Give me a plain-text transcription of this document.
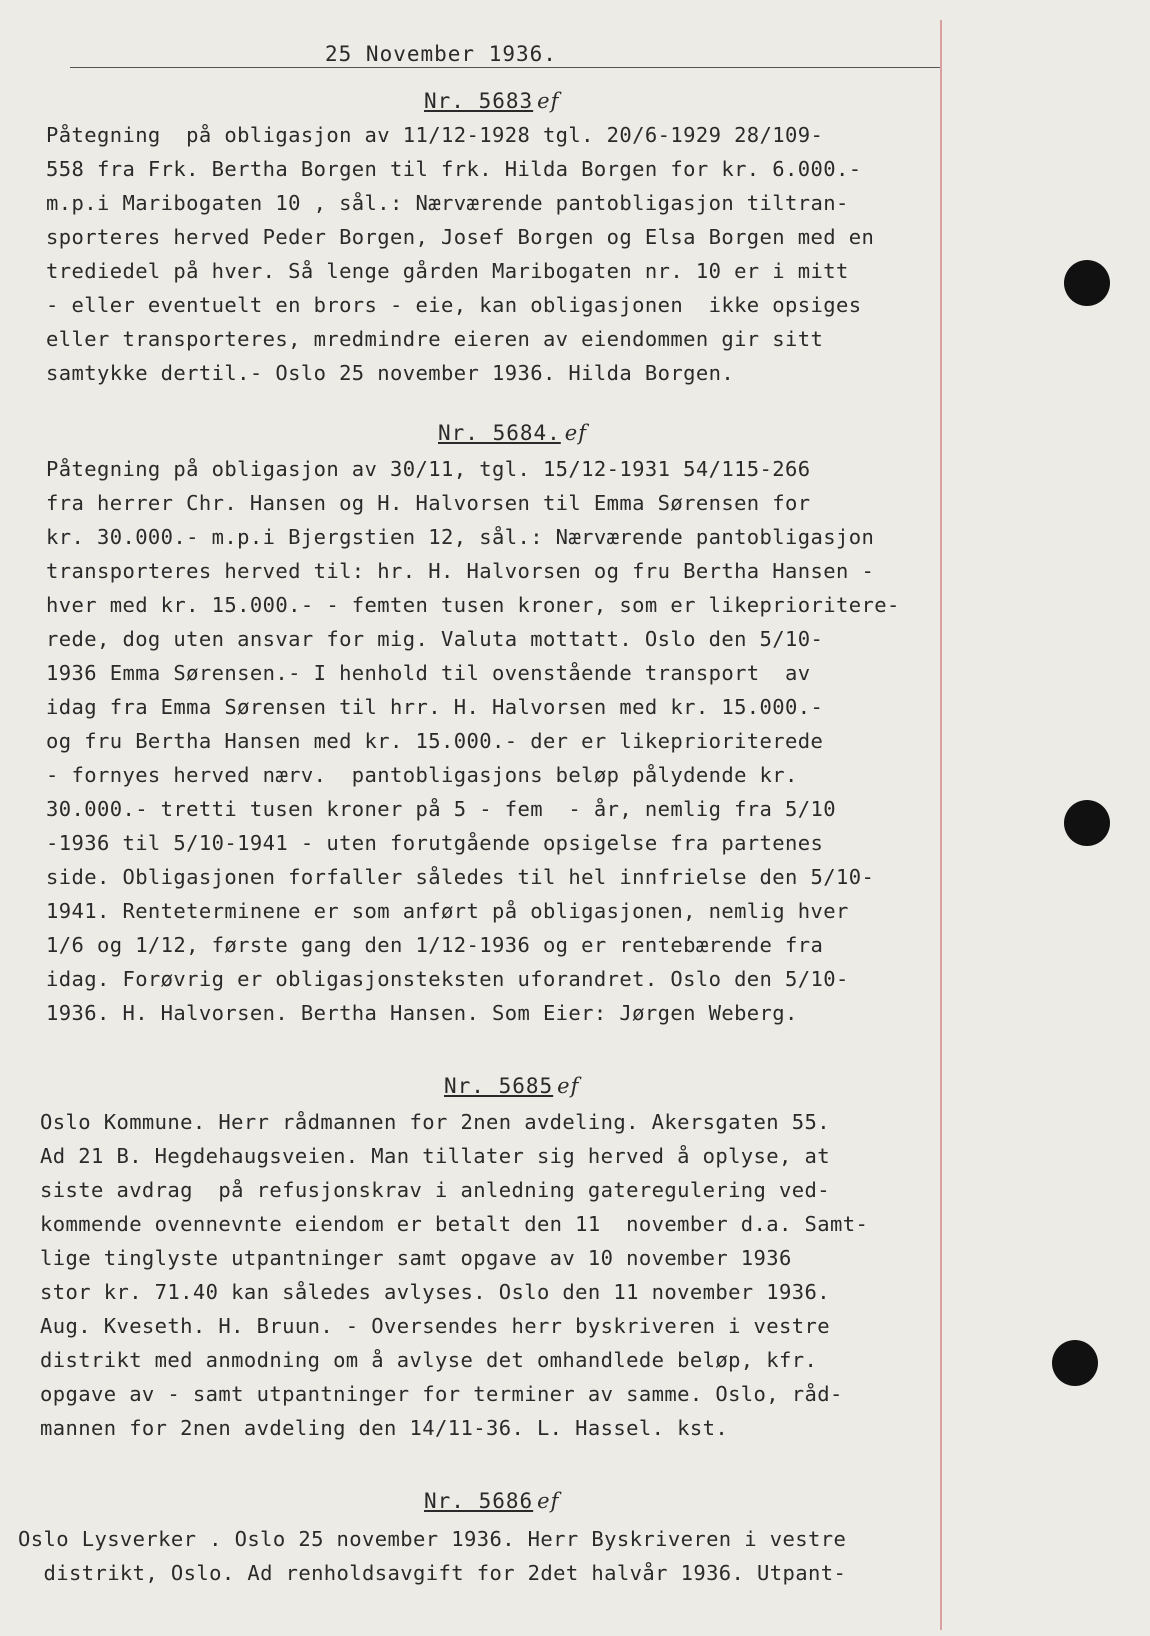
25 November 1936.
Nr. 5683 ef
Påtegning  på obligasjon av 11/12-1928 tgl. 20/6-1929 28/109-
558 fra Frk. Bertha Borgen til frk. Hilda Borgen for kr. 6.000.-
m.p.i Maribogaten 10 , sål.: Nærværende pantobligasjon tiltran-
sporteres herved Peder Borgen, Josef Borgen og Elsa Borgen med en
trediedel på hver. Så lenge gården Maribogaten nr. 10 er i mitt
- eller eventuelt en brors - eie, kan obligasjonen  ikke opsiges
eller transporteres, mredmindre eieren av eiendommen gir sitt
samtykke dertil.- Oslo 25 november 1936. Hilda Borgen.
Nr. 5684. ef
Påtegning på obligasjon av 30/11, tgl. 15/12-1931 54/115-266
fra herrer Chr. Hansen og H. Halvorsen til Emma Sørensen for
kr. 30.000.- m.p.i Bjergstien 12, sål.: Nærværende pantobligasjon
transporteres herved til: hr. H. Halvorsen og fru Bertha Hansen -
hver med kr. 15.000.- - femten tusen kroner, som er likeprioritere-
rede, dog uten ansvar for mig. Valuta mottatt. Oslo den 5/10-
1936 Emma Sørensen.- I henhold til ovenstående transport  av
idag fra Emma Sørensen til hrr. H. Halvorsen med kr. 15.000.-
og fru Bertha Hansen med kr. 15.000.- der er likeprioriterede
- fornyes herved nærv.  pantobligasjons beløp pålydende kr.
30.000.- tretti tusen kroner på 5 - fem  - år, nemlig fra 5/10
-1936 til 5/10-1941 - uten forutgående opsigelse fra partenes
side. Obligasjonen forfaller således til hel innfrielse den 5/10-
1941. Renteterminene er som anført på obligasjonen, nemlig hver
1/6 og 1/12, første gang den 1/12-1936 og er rentebærende fra
idag. Forøvrig er obligasjonsteksten uforandret. Oslo den 5/10-
1936. H. Halvorsen. Bertha Hansen. Som Eier: Jørgen Weberg.
Nr. 5685 ef
Oslo Kommune. Herr rådmannen for 2nen avdeling. Akersgaten 55.
Ad 21 B. Hegdehaugsveien. Man tillater sig herved å oplyse, at
siste avdrag  på refusjonskrav i anledning gateregulering ved-
kommende ovennevnte eiendom er betalt den 11  november d.a. Samt-
lige tinglyste utpantninger samt opgave av 10 november 1936
stor kr. 71.40 kan således avlyses. Oslo den 11 november 1936.
Aug. Kveseth. H. Bruun. - Oversendes herr byskriveren i vestre
distrikt med anmodning om å avlyse det omhandlede beløp, kfr.
opgave av - samt utpantninger for terminer av samme. Oslo, råd-
mannen for 2nen avdeling den 14/11-36. L. Hassel. kst.
Nr. 5686 ef
Oslo Lysverker . Oslo 25 november 1936. Herr Byskriveren i vestre
distrikt, Oslo. Ad renholdsavgift for 2det halvår 1936. Utpant-
